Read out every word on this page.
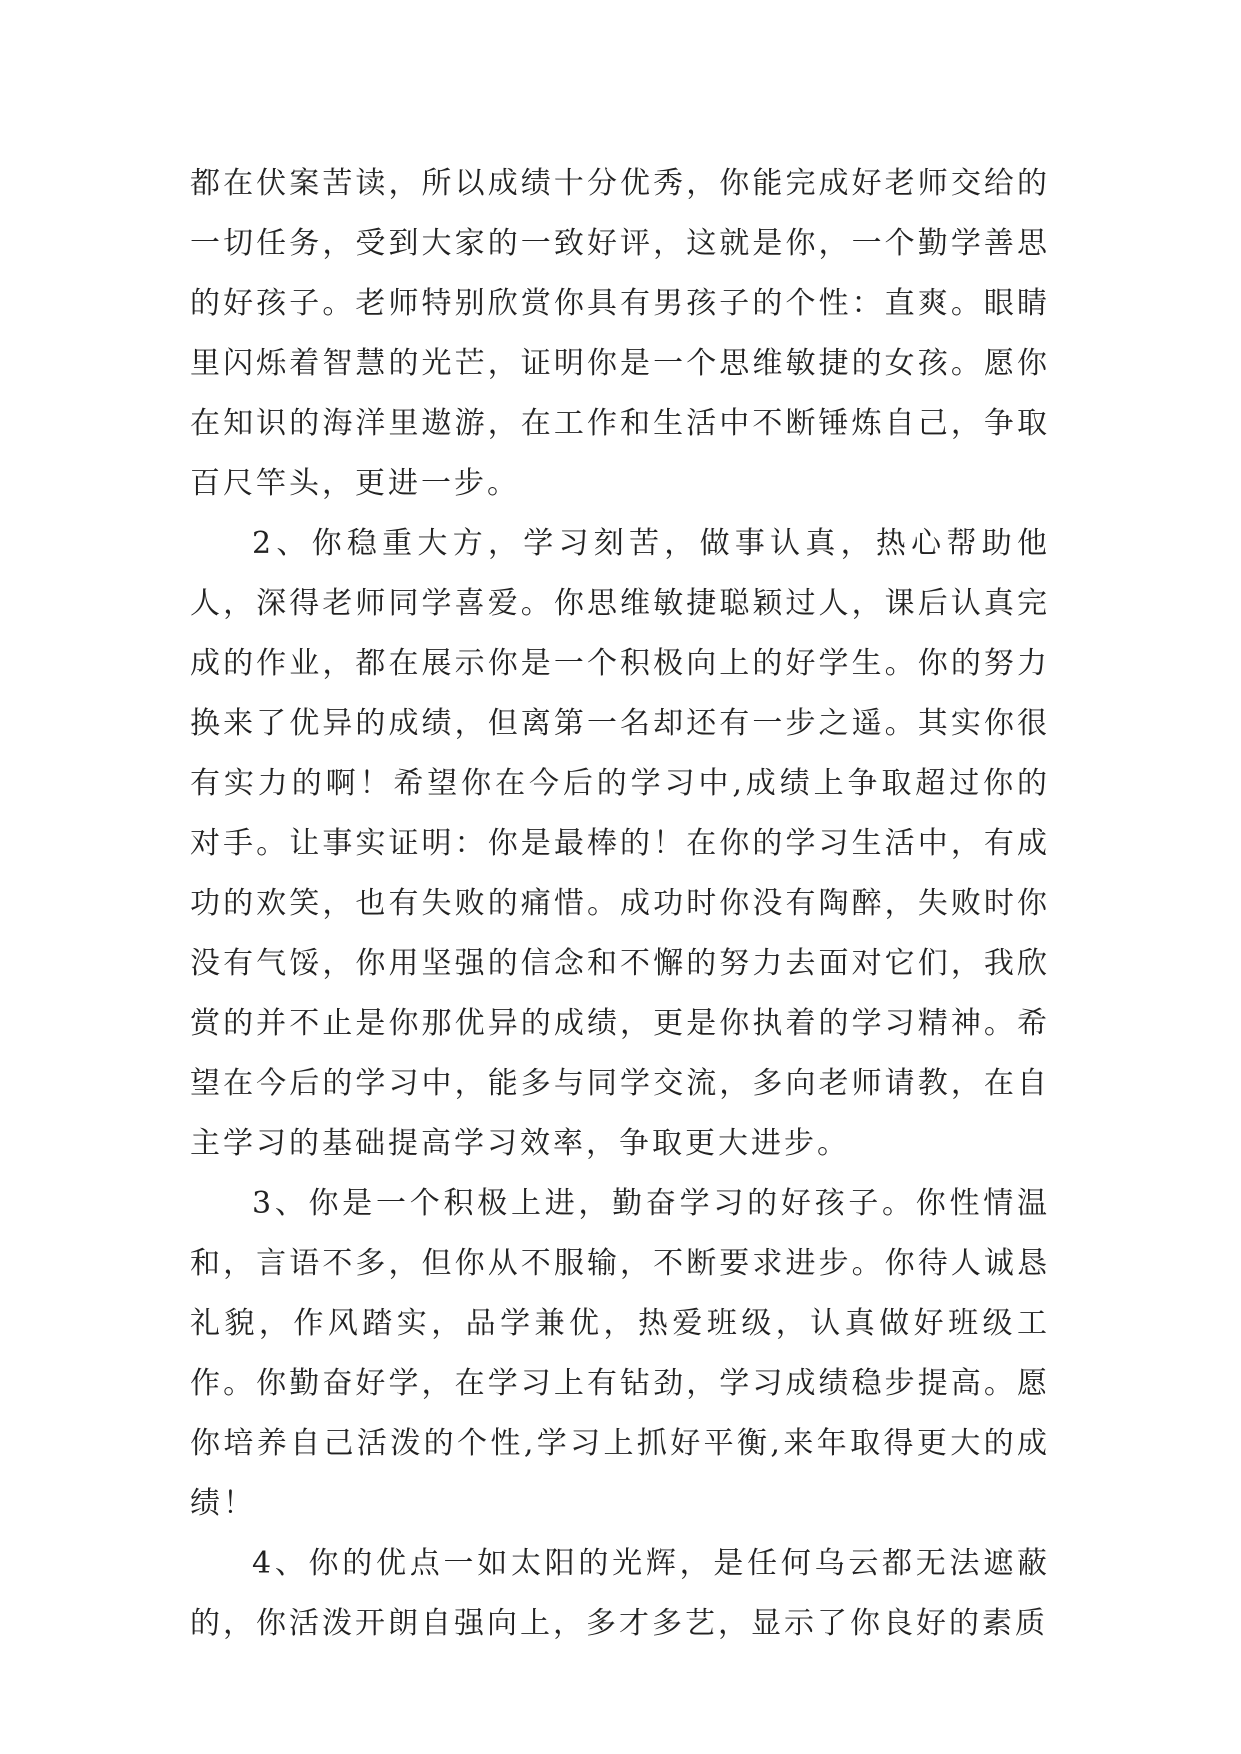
都在伏案苦读，所以成绩十分优秀，你能完成好老师交给的一切任务，受到大家的一致好评，这就是你，一个勤学善思的好孩子。老师特别欣赏你具有男孩子的个性：直爽。眼睛里闪烁着智慧的光芒，证明你是一个思维敏捷的女孩。愿你在知识的海洋里遨游，在工作和生活中不断锤炼自己，争取百尺竿头，更进一步。

2、你稳重大方，学习刻苦，做事认真，热心帮助他人，深得老师同学喜爱。你思维敏捷聪颖过人，课后认真完成的作业，都在展示你是一个积极向上的好学生。你的努力换来了优异的成绩，但离第一名却还有一步之遥。其实你很有实力的啊！希望你在今后的学习中,成绩上争取超过你的对手。让事实证明：你是最棒的！在你的学习生活中，有成功的欢笑，也有失败的痛惜。成功时你没有陶醉，失败时你没有气馁，你用坚强的信念和不懈的努力去面对它们，我欣赏的并不止是你那优异的成绩，更是你执着的学习精神。希望在今后的学习中，能多与同学交流，多向老师请教，在自主学习的基础提高学习效率，争取更大进步。

3、你是一个积极上进，勤奋学习的好孩子。你性情温和，言语不多，但你从不服输，不断要求进步。你待人诚恳礼貌，作风踏实，品学兼优，热爱班级，认真做好班级工作。你勤奋好学，在学习上有钻劲，学习成绩稳步提高。愿你培养自己活泼的个性,学习上抓好平衡,来年取得更大的成绩！

4、你的优点一如太阳的光辉，是任何乌云都无法遮蔽的，你活泼开朗自强向上，多才多艺，显示了你良好的素质
